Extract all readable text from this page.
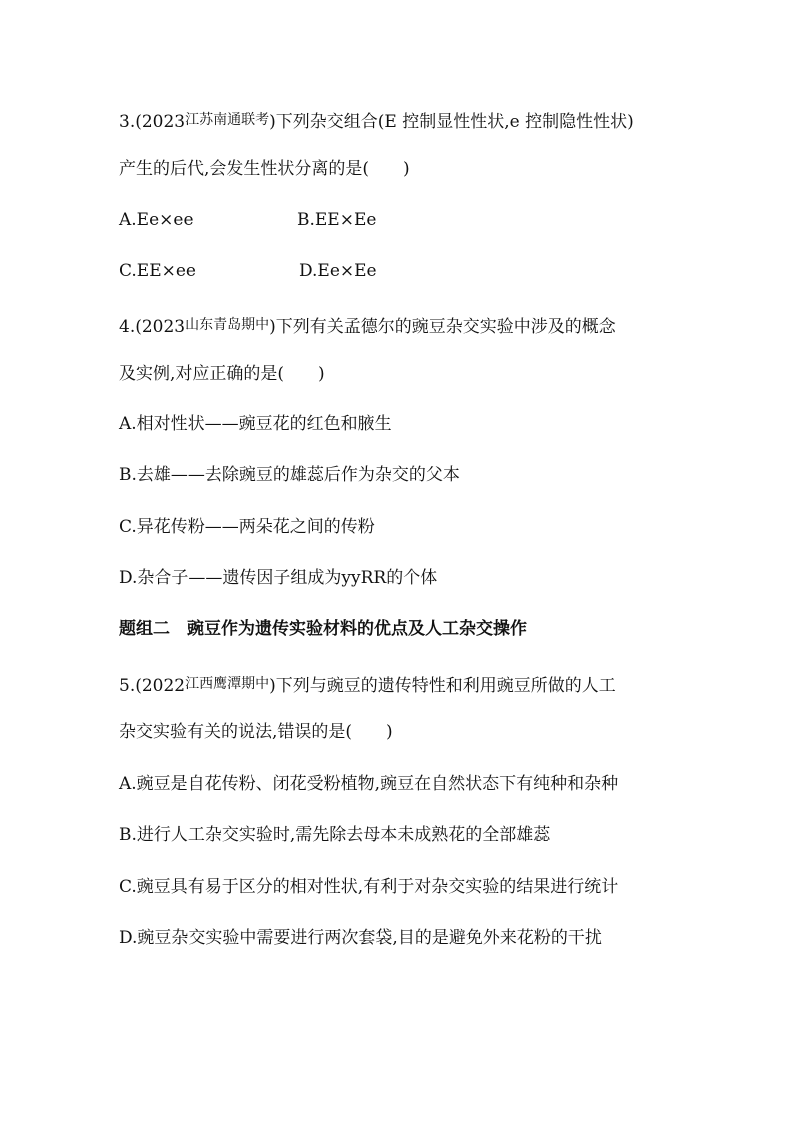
3.(2023江苏南通联考)下列杂交组合(E 控制显性性状,e 控制隐性性状)
产生的后代,会发生性状分离的是(　　)
A.Ee×ee	B.EE×Ee
C.EE×ee	D.Ee×Ee
4.(2023山东青岛期中)下列有关孟德尔的豌豆杂交实验中涉及的概念
及实例,对应正确的是(　　)
A.相对性状——豌豆花的红色和腋生
B.去雄——去除豌豆的雄蕊后作为杂交的父本
C.异花传粉——两朵花之间的传粉
D.杂合子——遗传因子组成为yyRR的个体
题组二　豌豆作为遗传实验材料的优点及人工杂交操作
5.(2022江西鹰潭期中)下列与豌豆的遗传特性和利用豌豆所做的人工
杂交实验有关的说法,错误的是(　　)
A.豌豆是自花传粉、闭花受粉植物,豌豆在自然状态下有纯种和杂种
B.进行人工杂交实验时,需先除去母本未成熟花的全部雄蕊
C.豌豆具有易于区分的相对性状,有利于对杂交实验的结果进行统计
D.豌豆杂交实验中需要进行两次套袋,目的是避免外来花粉的干扰
